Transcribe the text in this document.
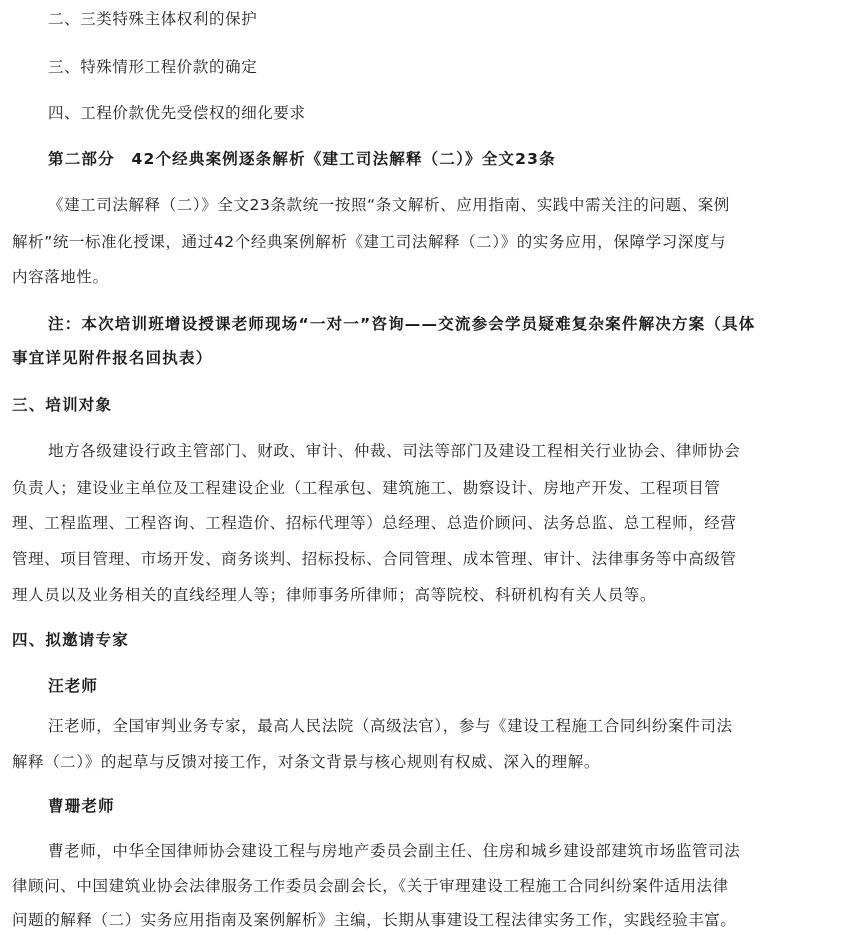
二、三类特殊主体权利的保护
三、特殊情形工程价款的确定
四、工程价款优先受偿权的细化要求
第二部分　42个经典案例逐条解析《建工司法解释（二）》全文23条
《建工司法解释（二）》全文23条款统一按照“条文解析、应用指南、实践中需关注的问题、案例
解析”统一标准化授课，通过42个经典案例解析《建工司法解释（二）》的实务应用，保障学习深度与
内容落地性。
注：本次培训班增设授课老师现场“一对一”咨询——交流参会学员疑难复杂案件解决方案（具体
事宜详见附件报名回执表）
三、培训对象
地方各级建设行政主管部门、财政、审计、仲裁、司法等部门及建设工程相关行业协会、律师协会
负责人；建设业主单位及工程建设企业（工程承包、建筑施工、勘察设计、房地产开发、工程项目管
理、工程监理、工程咨询、工程造价、招标代理等）总经理、总造价顾问、法务总监、总工程师，经营
管理、项目管理、市场开发、商务谈判、招标投标、合同管理、成本管理、审计、法律事务等中高级管
理人员以及业务相关的直线经理人等；律师事务所律师；高等院校、科研机构有关人员等。
四、拟邀请专家
汪老师
汪老师，全国审判业务专家，最高人民法院（高级法官），参与《建设工程施工合同纠纷案件司法
解释（二）》的起草与反馈对接工作，对条文背景与核心规则有权威、深入的理解。
曹珊老师
曹老师，中华全国律师协会建设工程与房地产委员会副主任、住房和城乡建设部建筑市场监管司法
律顾问、中国建筑业协会法律服务工作委员会副会长，《关于审理建设工程施工合同纠纷案件适用法律
问题的解释（二）实务应用指南及案例解析》主编，长期从事建设工程法律实务工作，实践经验丰富。
